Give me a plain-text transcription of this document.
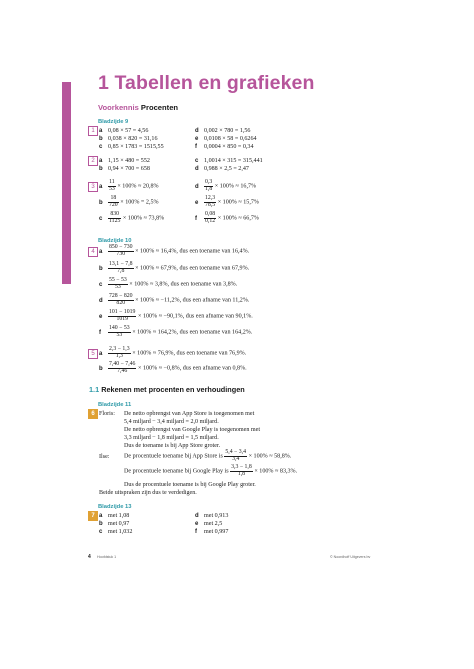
1 Tabellen en grafieken
Voorkennis Procenten
Bladzijde 9
1 a 0,08 × 57 = 4,56
b 0,038 × 820 = 31,16
c 0,85 × 1783 = 1515,55
d 0,002 × 780 = 1,56
e 0,0108 × 58 = 0,6264
f 0,0004 × 850 = 0,34
2 a 1,15 × 480 = 552
b 0,94 × 700 = 658
c 1,0014 × 315 = 315,441
d 0,988 × 2,5 = 2,47
3 a $\frac{11}{53} \times 100\% \approx 20,8\%$
b $\frac{18}{720} \times 100\% = 2,5\%$
c $\frac{830}{1125} \times 100\% \approx 73,8\%$
d $\frac{0,3}{1,8} \times 100\% \approx 16,7\%$
e $\frac{12,3}{78,5} \times 100\% \approx 15,7\%$
f $\frac{0,08}{0,12} \times 100\% \approx 66,7\%$
Bladzijde 10
4 a $\frac{850 - 730}{730} \times 100\% \approx 16,4\%$, dus een toename van 16,4%.
b $\frac{13,1 - 7,8}{7,8} \times 100\% \approx 67,9\%$, dus een toename van 67,9%.
c $\frac{55 - 53}{53} \times 100\% \approx 3,8\%$, dus een toename van 3,8%.
d $\frac{728 - 820}{820} \times 100\% \approx -11,2\%$, dus een afname van 11,2%.
e $\frac{101 - 1019}{1019} \times 100\% \approx -90,1\%$, dus een afname van 90,1%.
f $\frac{140 - 53}{53} \times 100\% \approx 164,2\%$, dus een toename van 164,2%.
5 a $\frac{2,3 - 1,3}{1,3} \times 100\% \approx 76,9\%$, dus een toename van 76,9%.
b $\frac{7,40 - 7,46}{7,46} \times 100\% \approx -0,8\%$, dus een afname van 0,8%.
1.1 Rekenen met procenten en verhoudingen
Bladzijde 11
6 Floris: De netto opbrengst van App Store is toegenomen met
5,4 miljard − 3,4 miljard = 2,0 miljard.
De netto opbrengst van Google Play is toegenomen met
3,3 miljard − 1,8 miljard = 1,5 miljard.
Dus de toename is bij App Store groter.
Ilse: De procentuele toename bij App Store is $\frac{5,4 - 3,4}{3,4} \times 100\% \approx 58,8\%$.
De procentuele toename bij Google Play is $\frac{3,3 - 1,8}{1,8} \times 100\% \approx 83,3\%$.
Dus de procentuele toename is bij Google Play groter.
Beide uitspraken zijn dus te verdedigen.
Bladzijde 13
7 a met 1,08
b met 0,97
c met 1,032
d met 0,913
e met 2,5
f met 0,997
4 Hoofdstuk 1	© Noordhoff Uitgevers bv
